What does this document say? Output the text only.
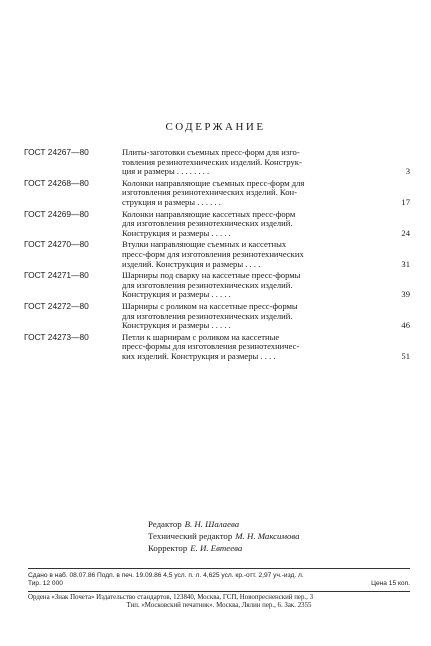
СОДЕРЖАНИЕ
ГОСТ 24267—80	Плиты-заготовки съемных пресс-форм для изго-
товления резинотехнических изделий. Конструк-
ция и размеры . . . . . . . .	3
ГОСТ 24268—80	Колонки направляющие съемных пресс-форм для
изготовления резинотехнических изделий. Кон-
струкция и размеры . . . . . .	17
ГОСТ 24269—80	Колонки направляющие кассетных пресс-форм
для изготовления резинотехнических изделий.
Конструкция и размеры . . . . .	24
ГОСТ 24270—80	Втулки направляющие съемных и кассетных
пресс-форм для изготовления резинотехнических
изделий. Конструкция и размеры . . . .	31
ГОСТ 24271—80	Шарниры под сварку на кассетные пресс-формы
для изготовления резинотехнических изделий.
Конструкция и размеры . . . . .	39
ГОСТ 24272—80	Шарниры с роликом на кассетные пресс-формы
для изготовления резинотехнических изделий.
Конструкция и размеры . . . . .	46
ГОСТ 24273—80	Петли к шарнирам с роликом на кассетные
пресс-формы для изготовления резинотехничес-
ких изделий. Конструкция и размеры . . . .	51
Редактор В. Н. Шалаева
Технический редактор М. Н. Максимова
Корректор Е. И. Евтеева
Сдано в наб. 08.07.86 Подп. в печ. 19.09.86 4,5 усл. п. л. 4,625 усл. кр.-отт. 2,97 уч.-изд. л.
Тир. 12 000	Цена 15 коп.
Ордена «Знак Почета» Издательство стандартов, 123840, Москва, ГСП, Новопресненский пер., 3
Тип. «Московский печатник». Москва, Лялин пер., 6. Зак. 2355
